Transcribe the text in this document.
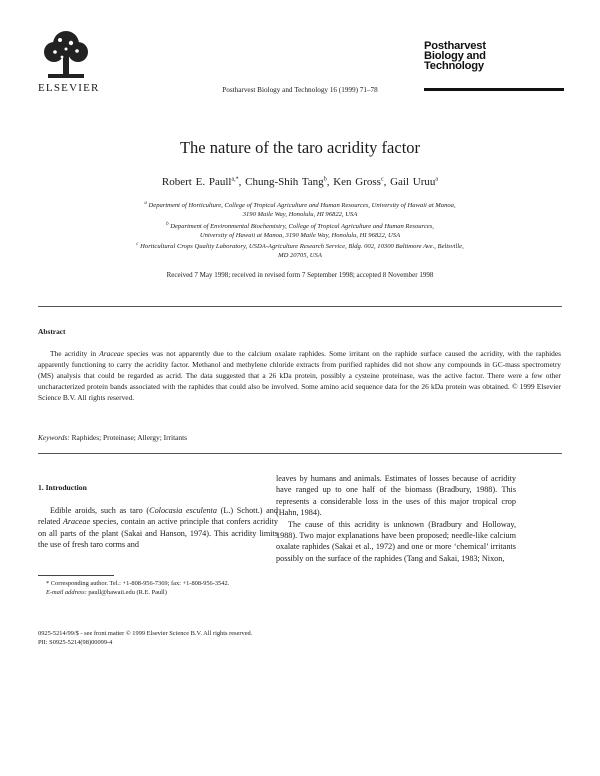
ELSEVIER	Postharvest Biology and Technology 16 (1999) 71–78
Postharvest
Biology and
Technology
The nature of the taro acridity factor
Robert E. Paull$^{a,*}$, Chung-Shih Tang$^b$, Ken Gross$^c$, Gail Uruu$^a$
$^a$ Department of Horticulture, College of Tropical Agriculture and Human Resources, University of Hawaii at Manoa,
3190 Maile Way, Honolulu, HI 96822, USA
$^b$ Department of Environmental Biochemistry, College of Tropical Agriculture and Human Resources,
University of Hawaii at Manoa, 3190 Maile Way, Honolulu, HI 96822, USA
$^c$ Horticultural Crops Quality Laboratory, USDA-Agriculture Research Service, Bldg. 002, 10300 Baltimore Ave., Beltsville,
MD 20705, USA
Received 7 May 1998; received in revised form 7 September 1998; accepted 8 November 1998
Abstract
The acridity in Araceae species was not apparently due to the calcium oxalate raphides. Some irritant on the raphide surface caused the acridity, with the raphides apparently functioning to carry the acridity factor. Methanol and methylene chloride extracts from purified raphides did not show any compounds in GC-mass spectrometry (MS) analysis that could be regarded as acrid. The data suggested that a 26 kDa protein, possibly a cysteine proteinase, was the active factor. There were a few other uncharacterized protein bands associated with the raphides that could also be involved. Some amino acid sequence data for the 26 kDa protein was obtained. © 1999 Elsevier Science B.V. All rights reserved.
Keywords: Raphides; Proteinase; Allergy; Irritants
1. Introduction
Edible aroids, such as taro (Colocasia esculenta (L.) Schott.) and related Araceae species, contain an active principle that confers acridity on all parts of the plant (Sakai and Hanson, 1974). This acridity limits the use of fresh taro corms and

leaves by humans and animals. Estimates of losses because of acridity have ranged up to one half of the biomass (Bradbury, 1988). This represents a considerable loss in the uses of this major tropical crop (Hahn, 1984).

The cause of this acridity is unknown (Bradbury and Holloway, 1988). Two major explanations have been proposed; needle-like calcium oxalate raphides (Sakai et al., 1972) and one or more ‘chemical’ irritants possibly on the surface of the raphides (Tang and Sakai, 1983; Nixon,

* Corresponding author. Tel.: +1-808-956-7369; fax: +1-808-956-3542.
E-mail address: paull@hawaii.edu (R.E. Paull)
0925-5214/99/$ - see front matter © 1999 Elsevier Science B.V. All rights reserved.
PII: S0925-5214(98)00099-4
